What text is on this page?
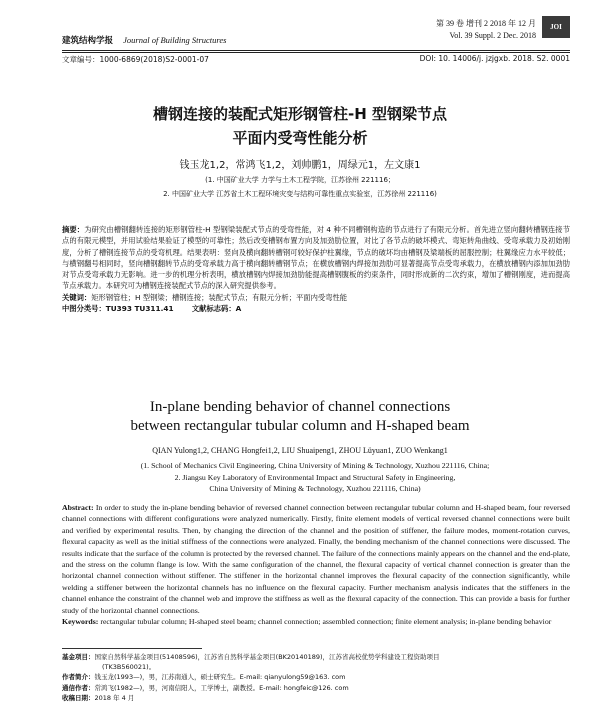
建筑结构学报 Journal of Building Structures
第 39 卷 增刊 2 2018 年 12 月
Vol. 39 Suppl. 2 Dec. 2018
JOI
文章编号：1000-6869(2018)S2-0001-07	DOI: 10. 14006/j. jzjgxb. 2018. S2. 0001
槽钢连接的装配式矩形钢管柱-H 型钢梁节点
平面内受弯性能分析
钱玉龙1,2，常鸿飞1,2，刘帅鹏1，周绿元1，左文康1
(1. 中国矿业大学 力学与土木工程学院，江苏徐州 221116；
2. 中国矿业大学 江苏省土木工程环境灾变与结构可靠性重点实验室，江苏徐州 221116)
摘要：为研究由槽钢翻转连接的矩形钢管柱-H 型钢梁装配式节点的受弯性能，对 4 种不同槽钢构造的节点进行了有限元分析。首先进立竖向翻转槽钢连接节点的有限元模型，并用试验结果验证了模型的可靠性；然后改变槽钢布置方向及加劲肋位置，对比了各节点的破坏模式、弯矩转角曲线、受弯承载力及初始刚度，分析了槽钢连接节点的受弯机理。结果表明：竖向及横向翻转槽钢可较好保护柱翼缘，节点的破坏均由槽钢及梁端板的屈服控制；柱翼缘应力水平较低；与横钢翻号相同时，竖向槽钢翻转节点的受弯承载力高于横向翻转槽钢节点；在横放槽钢内焊接加劲肋可显著提高节点受弯承载力，在横放槽钢内添加加劲肋对节点受弯承载力无影响。进一步的机理分析表明，横放槽钢内焊接加劲肋能提高槽钢腹板的约束条件，同时形成新的二次约束，增加了槽钢刚度，进而提高节点承载力。本研究可为槽钢连接装配式节点的深入研究提供参考。
关键词：矩形钢管柱；H 型钢梁；槽钢连接；装配式节点；有限元分析；平面内受弯性能
中图分类号：TU393 TU311.41	文献标志码：A
In-plane bending behavior of channel connections
between rectangular tubular column and H-shaped beam
QIAN Yulong1,2, CHANG Hongfei1,2, LIU Shuaipeng1, ZHOU Lüyuan1, ZUO Wenkang1
(1. School of Mechanics Civil Engineering, China University of Mining & Technology, Xuzhou 221116, China;
2. Jiangsu Key Laboratory of Environmental Impact and Structural Safety in Engineering,
China University of Mining & Technology, Xuzhou 221116, China)
Abstract: In order to study the in-plane bending behavior of reversed channel connection between rectangular tubular column and H-shaped beam, four reversed channel connections with different configurations were analyzed numerically. Firstly, finite element models of vertical reversed channel connections were built and verified by experimental results. Then, by changing the direction of the channel and the position of stiffener, the failure modes, moment-rotation curves, flexural capacity as well as the initial stiffness of the connections were analyzed. Finally, the bending mechanism of the channel connections were discussed. The results indicate that the surface of the column is protected by the reversed channel. The failure of the connections mainly appears on the channel and the end-plate, and the stress on the column flange is low. With the same configuration of the channel, the flexural capacity of vertical channel connection is greater than the horizontal channel connection without stiffener. The stiffener in the horizontal channel improves the flexural capacity of the connection significantly, while welding a stiffener between the horizontal channels has no influence on the flexural capacity. Further mechanism analysis indicates that the stiffeners in the channel enhance the constraint of the channel web and improve the stiffness as well as the flexural capacity of the connection. This can provide a basis for further study of the horizontal channel connections.
Keywords: rectangular tubular column; H-shaped steel beam; channel connection; assembled connection; finite element analysis; in-plane bending behavior
基金项目：国家自然科学基金项目(51408596)，江苏省自然科学基金项目(BK20140189)，江苏省高校优势学科建设工程资助项目
(TK3B560021)。
作者简介：钱玉龙(1993—)，男，江苏南通人，硕士研究生。E-mail: qianyulong59@163. com
通信作者：常鸿飞(1982—)，男，河南信阳人，工学博士，副教授。E-mail: hongfeic@126. com
收稿日期：2018 年 4 月
